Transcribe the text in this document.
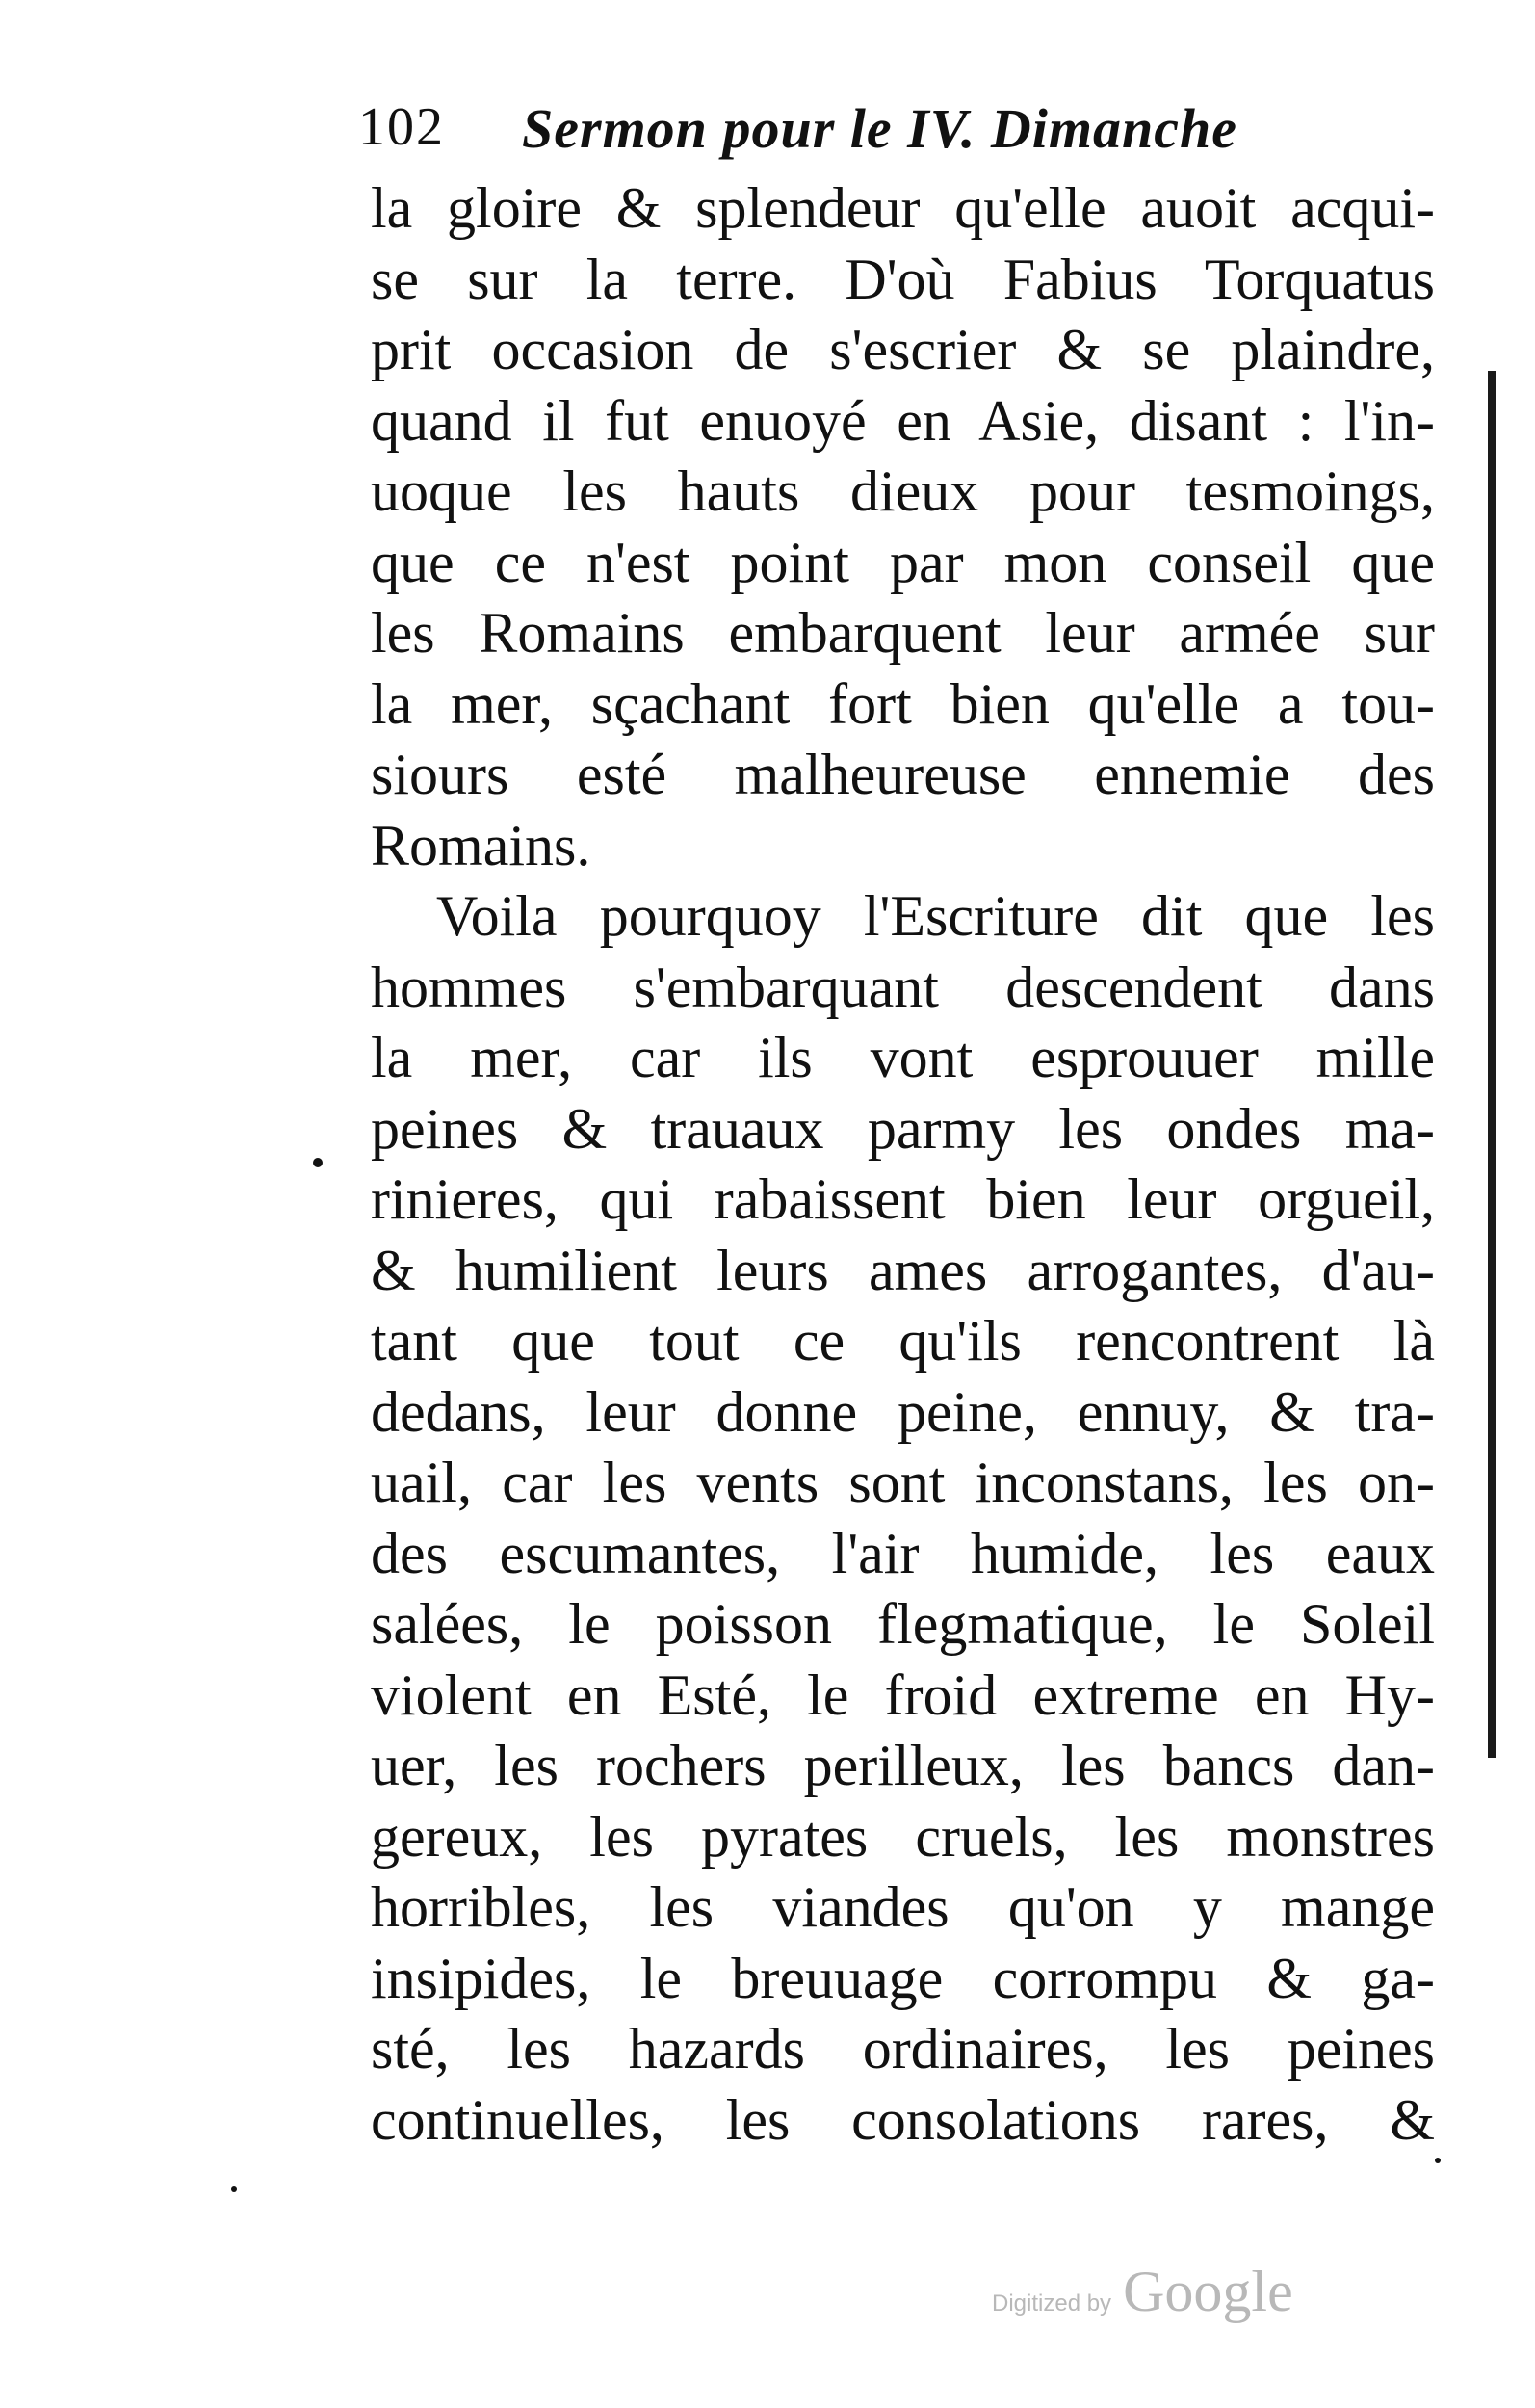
102 Sermon pour le IV. Dimanche
la gloire & splendeur qu'elle auoit acqui-
se sur la terre. D'où Fabius Torquatus
prit occasion de s'escrier & se plaindre,
quand il fut enuoyé en Asie, disant : l'in-
uoque les hauts dieux pour tesmoings,
que ce n'est point par mon conseil que
les Romains embarquent leur armée sur
la mer, sçachant fort bien qu'elle a tou-
siours esté malheureuse ennemie des
Romains.
Voila pourquoy l'Escriture dit que les
hommes s'embarquant descendent dans
la mer, car ils vont esprouuer mille
peines & trauaux parmy les ondes ma-
rinieres, qui rabaissent bien leur orgueil,
& humilient leurs ames arrogantes, d'au-
tant que tout ce qu'ils rencontrent là
dedans, leur donne peine, ennuy, & tra-
uail, car les vents sont inconstans, les on-
des escumantes, l'air humide, les eaux
salées, le poisson flegmatique, le Soleil
violent en Esté, le froid extreme en Hy-
uer, les rochers perilleux, les bancs dan-
gereux, les pyrates cruels, les monstres
horribles, les viandes qu'on y mange
insipides, le breuuage corrompu & ga-
sté, les hazards ordinaires, les peines
continuelles, les consolations rares, &
Digitized by Google
